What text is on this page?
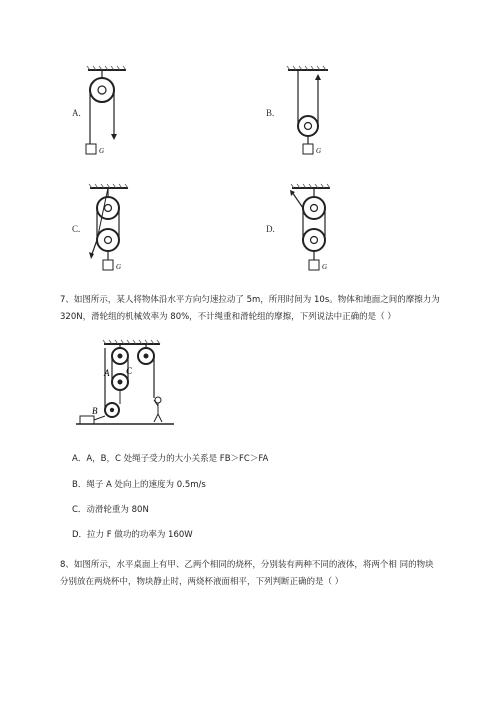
A.
G
B.
G
C.
G
D.
G
7、如图所示，某人将物体沿水平方向匀速拉动了 5m，所用时间为 10s。物体和地面之间的摩擦力为
320N，滑轮组的机械效率为 80%，不计绳重和滑轮组的摩擦，下列说法中正确的是（ ）
A C
B
A．A，B，C 处绳子受力的大小关系是 FB＞FC＞FA
B．绳子 A 处向上的速度为 0.5m/s
C．动滑轮重为 80N
D．拉力 F 做功的功率为 160W
8、如图所示，水平桌面上有甲、乙两个相同的烧杯，分别装有两种不同的液体，将两个相 同的物块
分别放在两烧杯中，物块静止时，两烧杯液面相平，下列判断正确的是（ ）
